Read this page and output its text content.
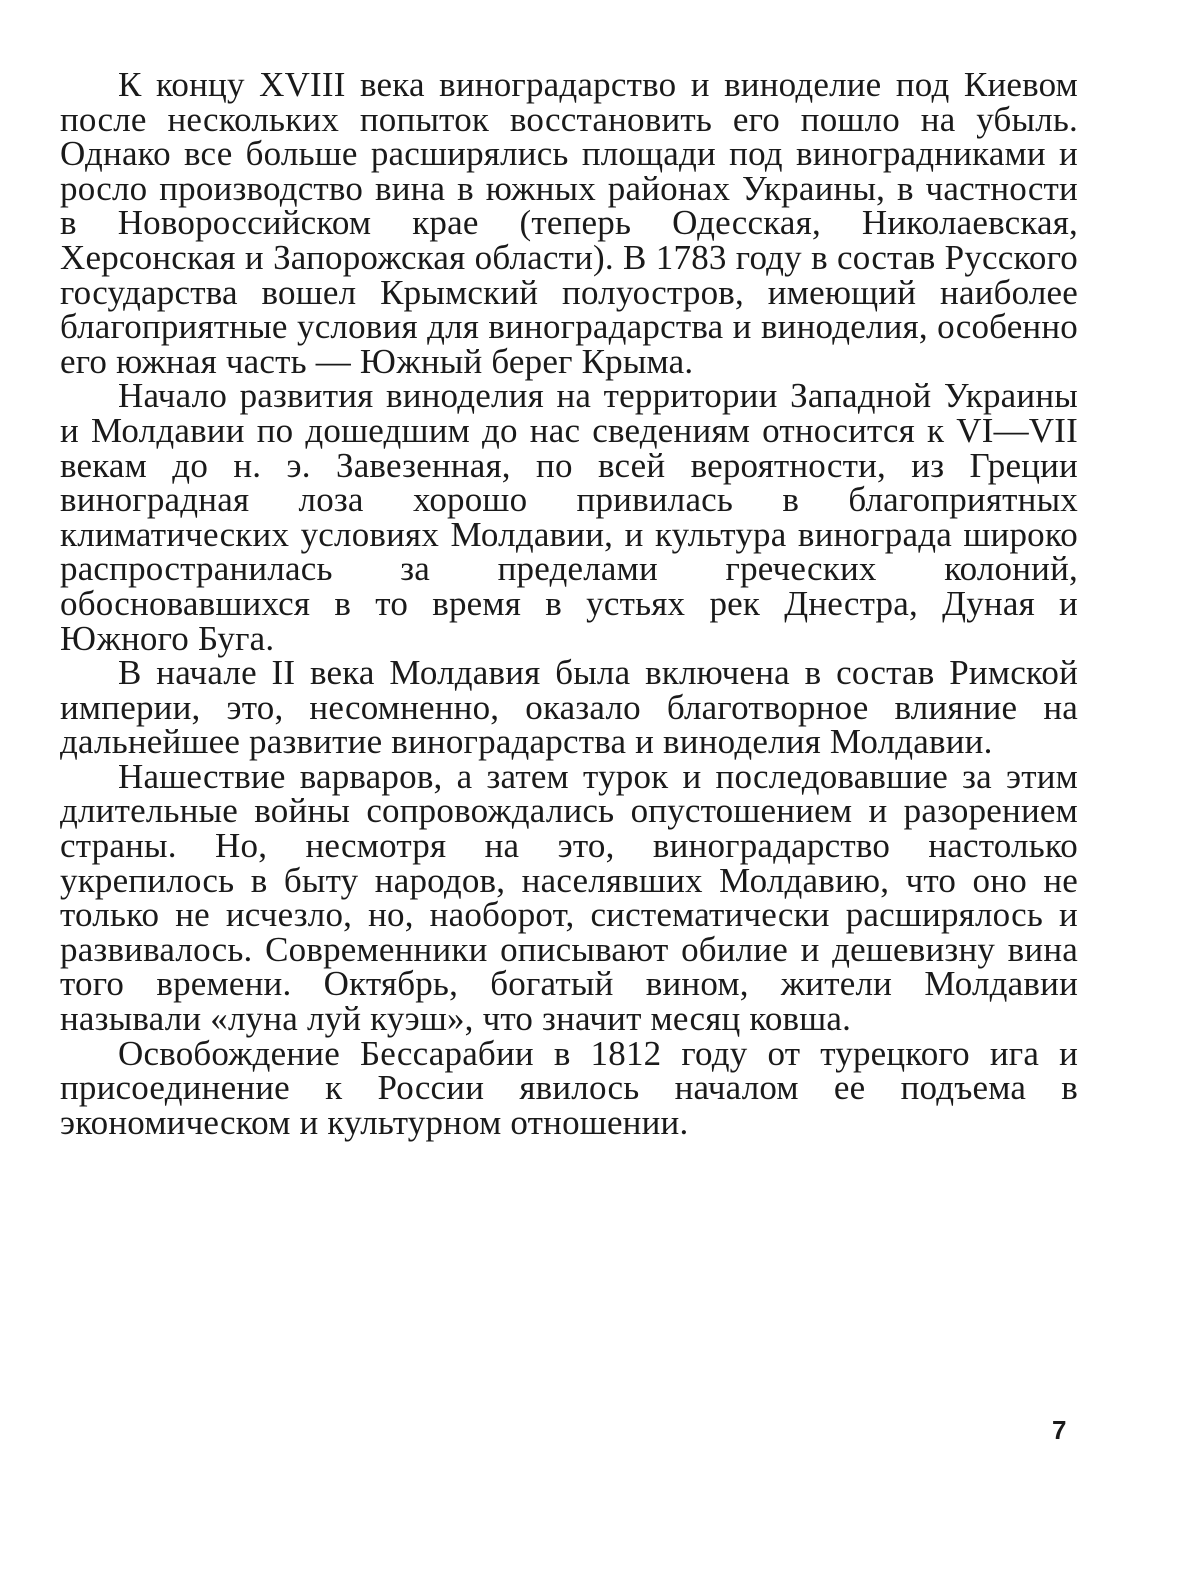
К концу XVIII века виноградарство и виноделие под Киевом после нескольких попыток восстановить его пошло на убыль. Однако все больше расширялись площади под виноградниками и росло производство вина в южных районах Украины, в частности в Новороссийском крае (теперь Одесская, Николаевская, Херсонская и Запорожская области). В 1783 году в состав Русского государства вошел Крымский полуостров, имеющий наиболее благоприятные условия для виноградарства и виноделия, особенно его южная часть — Южный берег Крыма.

Начало развития виноделия на территории Западной Украины и Молдавии по дошедшим до нас сведениям относится к VI—VII векам до н. э. Завезенная, по всей вероятности, из Греции виноградная лоза хорошо привилась в благоприятных климатических условиях Молдавии, и культура винограда широко распространилась за пределами греческих колоний, обосновавшихся в то время в устьях рек Днестра, Дуная и Южного Буга.

В начале II века Молдавия была включена в состав Римской империи, это, несомненно, оказало благотворное влияние на дальнейшее развитие виноградарства и виноделия Молдавии.

Нашествие варваров, а затем турок и последовавшие за этим длительные войны сопровождались опустошением и разорением страны. Но, несмотря на это, виноградарство настолько укрепилось в быту народов, населявших Молдавию, что оно не только не исчезло, но, наоборот, систематически расширялось и развивалось. Современники описывают обилие и дешевизну вина того времени. Октябрь, богатый вином, жители Молдавии называли «луна луй куэш», что значит месяц ковша.

Освобождение Бессарабии в 1812 году от турецкого ига и присоединение к России явилось началом ее подъема в экономическом и культурном отношении.

7
